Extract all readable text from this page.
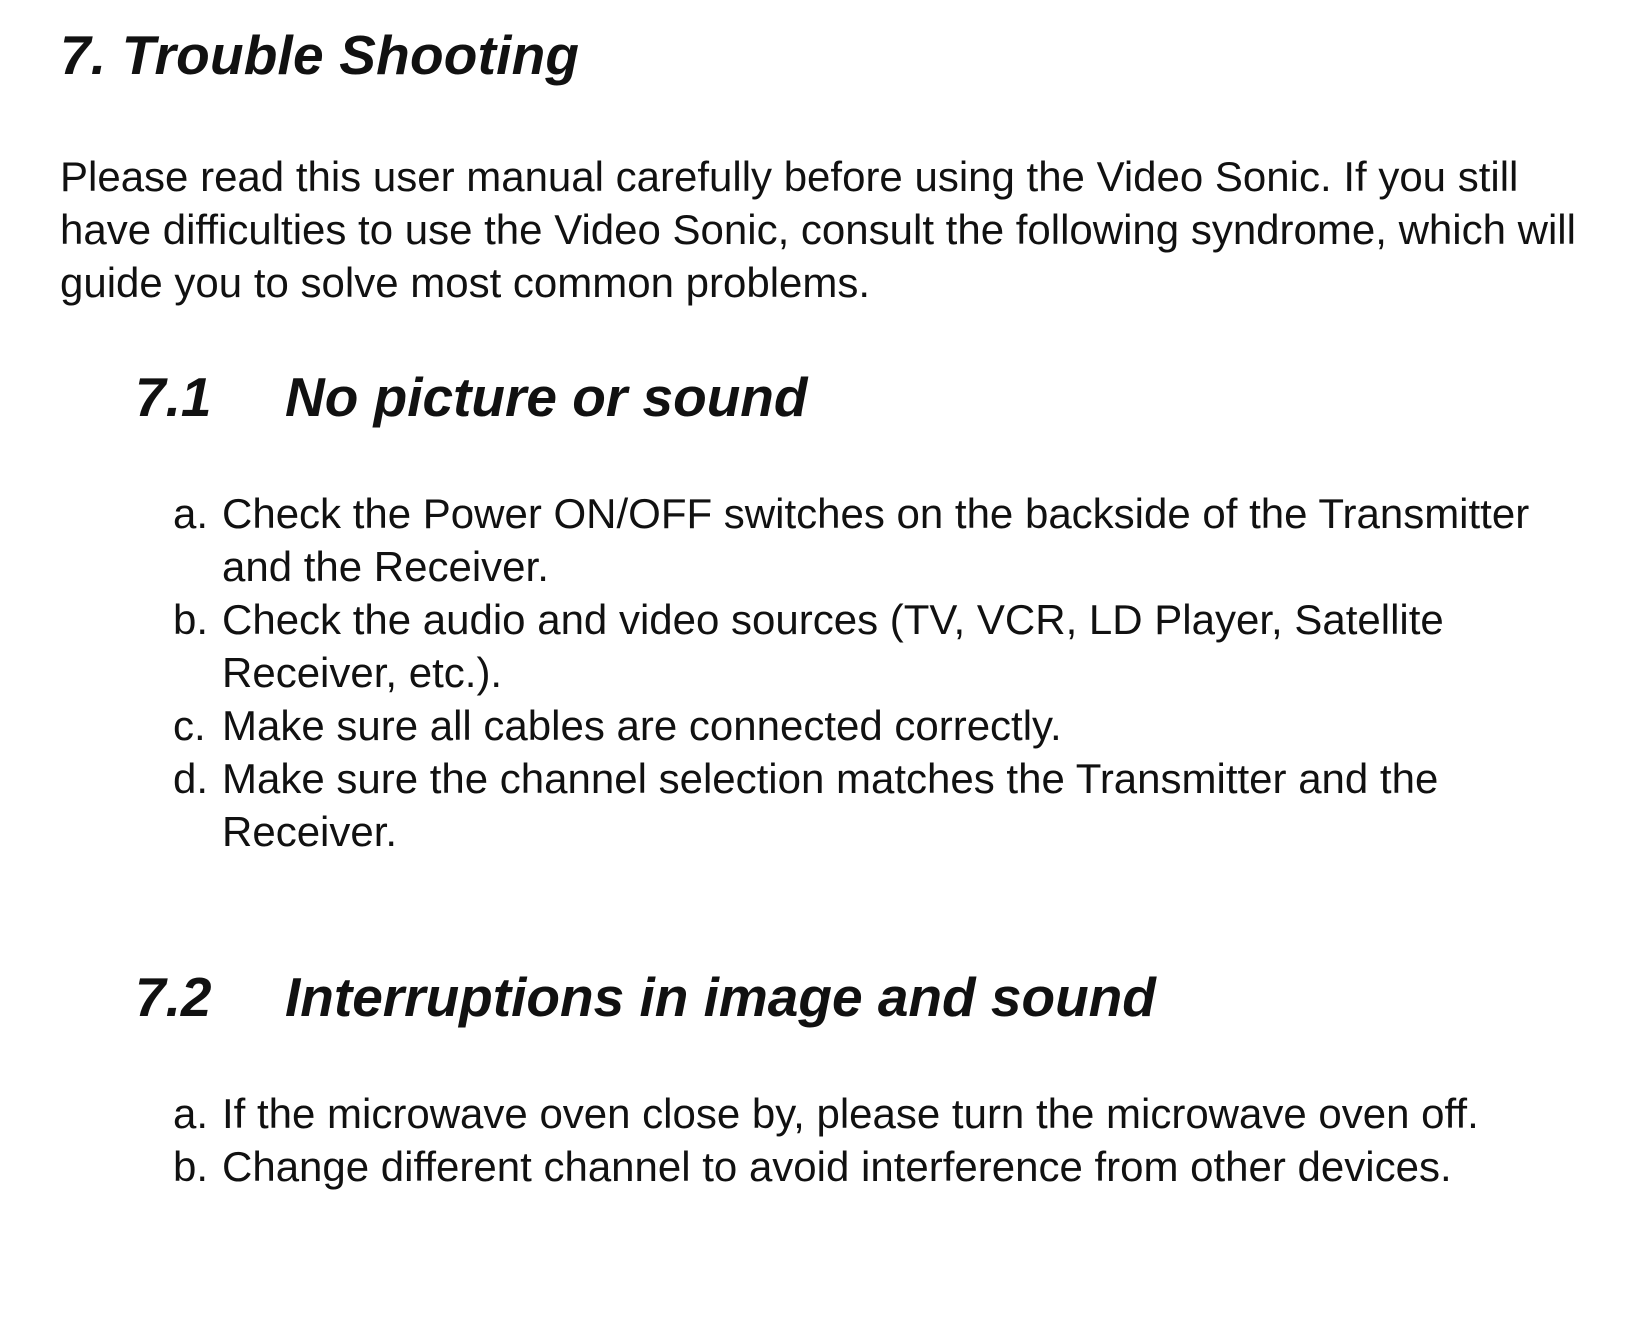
7. Trouble Shooting

Please read this user manual carefully before using the Video Sonic. If you still have difficulties to use the Video Sonic, consult the following syndrome, which will guide you to solve most common problems.

7.1 No picture or sound
a. Check the Power ON/OFF switches on the backside of the Transmitter and the Receiver.
b. Check the audio and video sources (TV, VCR, LD Player, Satellite Receiver, etc.).
c. Make sure all cables are connected correctly.
d. Make sure the channel selection matches the Transmitter and the Receiver.
7.2 Interruptions in image and sound
a. If the microwave oven close by, please turn the microwave oven off.
b. Change different channel to avoid interference from other devices.
